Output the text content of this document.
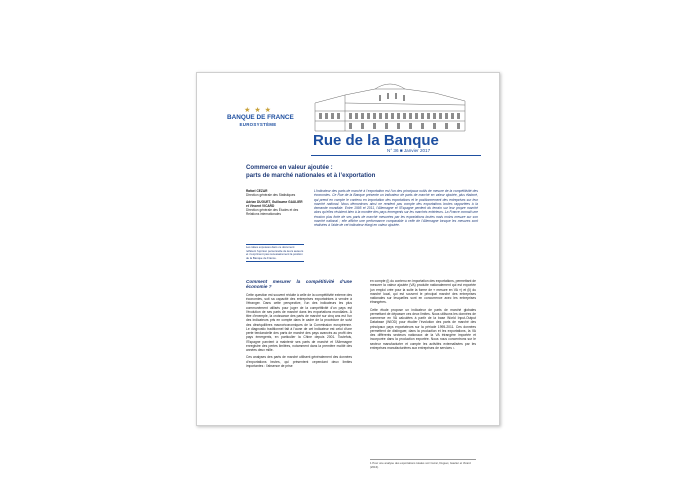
★ ★ ★
BANQUE DE FRANCE
EUROSYSTÈME
Rue de la Banque
N° 36 ■ Janvier 2017
Commerce en valeur ajoutée :
parts de marché nationales et à l’exportation
Rafael CEZAR
Direction générale des Statistiques
Adrian DUGUET, Guillaume GAULIER et Vincent VICARD
Direction générale des Études et des Relations internationales
Les idées exposées dans ce document reflètent l’opinion personnelle de leurs auteurs et n’expriment pas nécessairement la position de la Banque de France.
L’indicateur des parts de marché à l’exportation est l’un des principaux outils de mesure de la compétitivité des économies. Ce Rue de la Banque présente un indicateur de parts de marché en valeur ajoutée, plus élaboré, qui prend en compte le contenu en importation des exportations et le positionnement des entreprises sur leur marché national. Nous démontrons ainsi ne rendent pas compte des exportations brutes rapportées à la demande mondiale. Entre 1995 et 2011, l’Allemagne et l’Espagne perdent du terrain sur leur propre marché alors qu’elles résistent bien à la montée des pays émergents sur les marchés extérieurs. La France connaît une érosion plus forte de ses parts de marché mesurées par les exportations brutes mais moins mesure sur son marché national ; elle affiche une performance comparable à celle de l’Allemagne lorsque les mesures sont réalisées à l’aide de cet indicateur élargi en valeur ajoutée.
Comment mesurer la compétitivité d’une économie ?

Cette question est souvent réduite à celle de la compétitivité externe des économies, soit sa capacité des entreprises exportatrices à vendre à l’étranger. Dans cette perspective, l’un des indicateurs les plus communément utilisés pour juger de la compétitivité d’un pays est l’évolution de ses parts de marché dans les exportations mondiales. À titre d’exemple, la croissance des parts de marché sur cinq ans est l’un des indicateurs pris en compte dans le cadre de la procédure de suivi des déséquilibres macroéconomiques de la Commission européenne. Le diagnostic traditionnel fait à l’aune de cet indicateur est celui d’une perte tendancielle des parts de marché des pays avancés au profit des pays émergents, en particulier la Chine depuis 2001. Toutefois, l’Espagne parvient à maintenir ses parts de marché et l’Allemagne enregistre des pertes limitées, notamment dans la première moitié des années deux mille.

Ces analyses des parts de marché utilisent généralement des données d’exportations brutes, qui présentent cependant deux limites importantes : l’absence de prise

en compte (i) du contenu en importation des exportations, permettant de mesurer la valeur ajoutée (VA) produite nationalement qui est exportée (un emploi crée pour la suite la forme de « mesure en VA ») et (ii) du marché local, qui est souvent le principal marché des entreprises nationales sur lesquelles sont en concurrence avec les entreprises étrangères.

Cette étude propose un indicateur de parts de marché globales permettant de dépasser ces deux limites. Nous utilisons les données de commerce en VA calculées à partir de la base World Input-Output Database (WIOD) pour étudier l’évolution des parts de marché des principaux pays exportateurs sur la période 1995-2011. Ces données permettent de distinguer, dans la production et les exportations, la VA des différents secteurs nationaux de la VA étrangère importée et incorporée dans la production exportée. Nous nous concentrons sur le secteur manufacturier et compte les activités externalisées par les entreprises manufacturières aux entreprises de services ¹.

1 Pour une analyse des exportations totales voir Cezar, Duguet, Gaulier et Vicard (2016).
